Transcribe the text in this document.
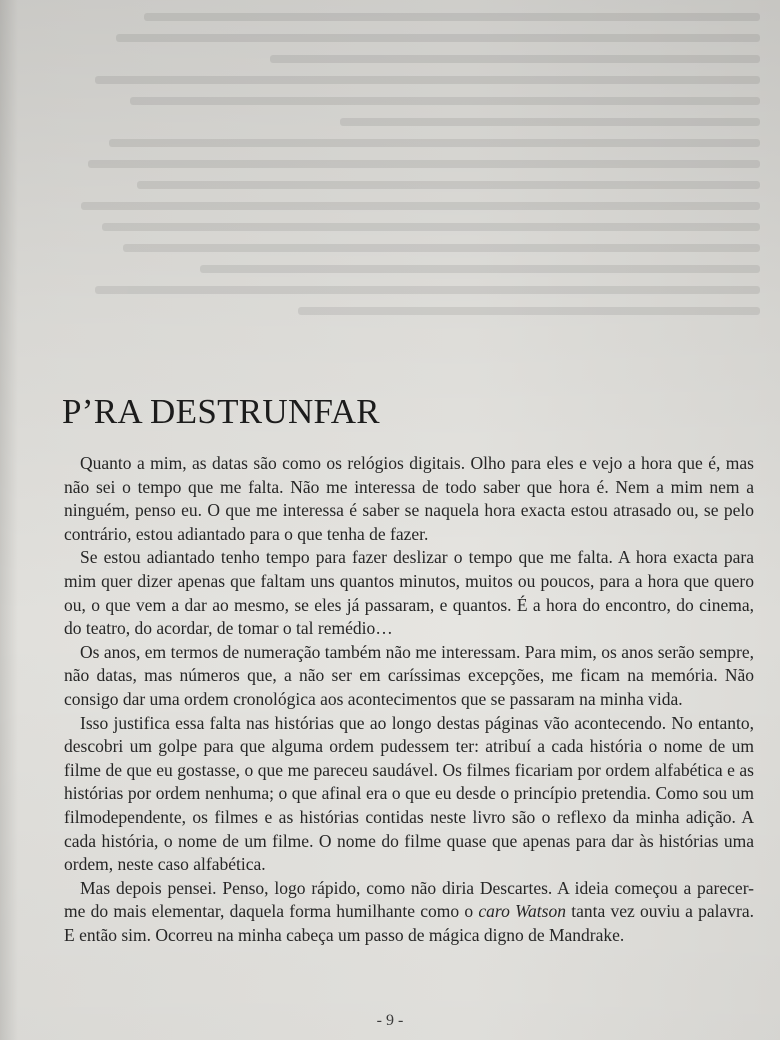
P’RA DESTRUNFAR

Quanto a mim, as datas são como os relógios digitais. Olho para eles e vejo a hora que é, mas não sei o tempo que me falta. Não me interessa de todo saber que hora é. Nem a mim nem a ninguém, penso eu. O que me interessa é saber se naquela hora exacta estou atrasado ou, se pelo contrário, estou adiantado para o que tenha de fazer.

Se estou adiantado tenho tempo para fazer deslizar o tempo que me falta. A hora exacta para mim quer dizer apenas que faltam uns quantos minutos, muitos ou poucos, para a hora que quero ou, o que vem a dar ao mesmo, se eles já passaram, e quantos. É a hora do encontro, do cinema, do teatro, do acordar, de tomar o tal remédio…

Os anos, em termos de numeração também não me interessam. Para mim, os anos serão sempre, não datas, mas números que, a não ser em caríssimas excepções, me ficam na memória. Não consigo dar uma ordem cronológica aos acontecimentos que se passaram na minha vida.

Isso justifica essa falta nas histórias que ao longo destas páginas vão acontecendo. No entanto, descobri um golpe para que alguma ordem pudessem ter: atribuí a cada história o nome de um filme de que eu gostasse, o que me pareceu saudável. Os filmes ficariam por ordem alfabética e as histórias por ordem nenhuma; o que afinal era o que eu desde o princípio pretendia. Como sou um filmodependente, os filmes e as histórias contidas neste livro são o reflexo da minha adição. A cada história, o nome de um filme. O nome do filme quase que apenas para dar às histórias uma ordem, neste caso alfabética.

Mas depois pensei. Penso, logo rápido, como não diria Descartes. A ideia começou a parecer-me do mais elementar, daquela forma humilhante como o caro Watson tanta vez ouviu a palavra. E então sim. Ocorreu na minha cabeça um passo de mágica digno de Mandrake.

- 9 -
